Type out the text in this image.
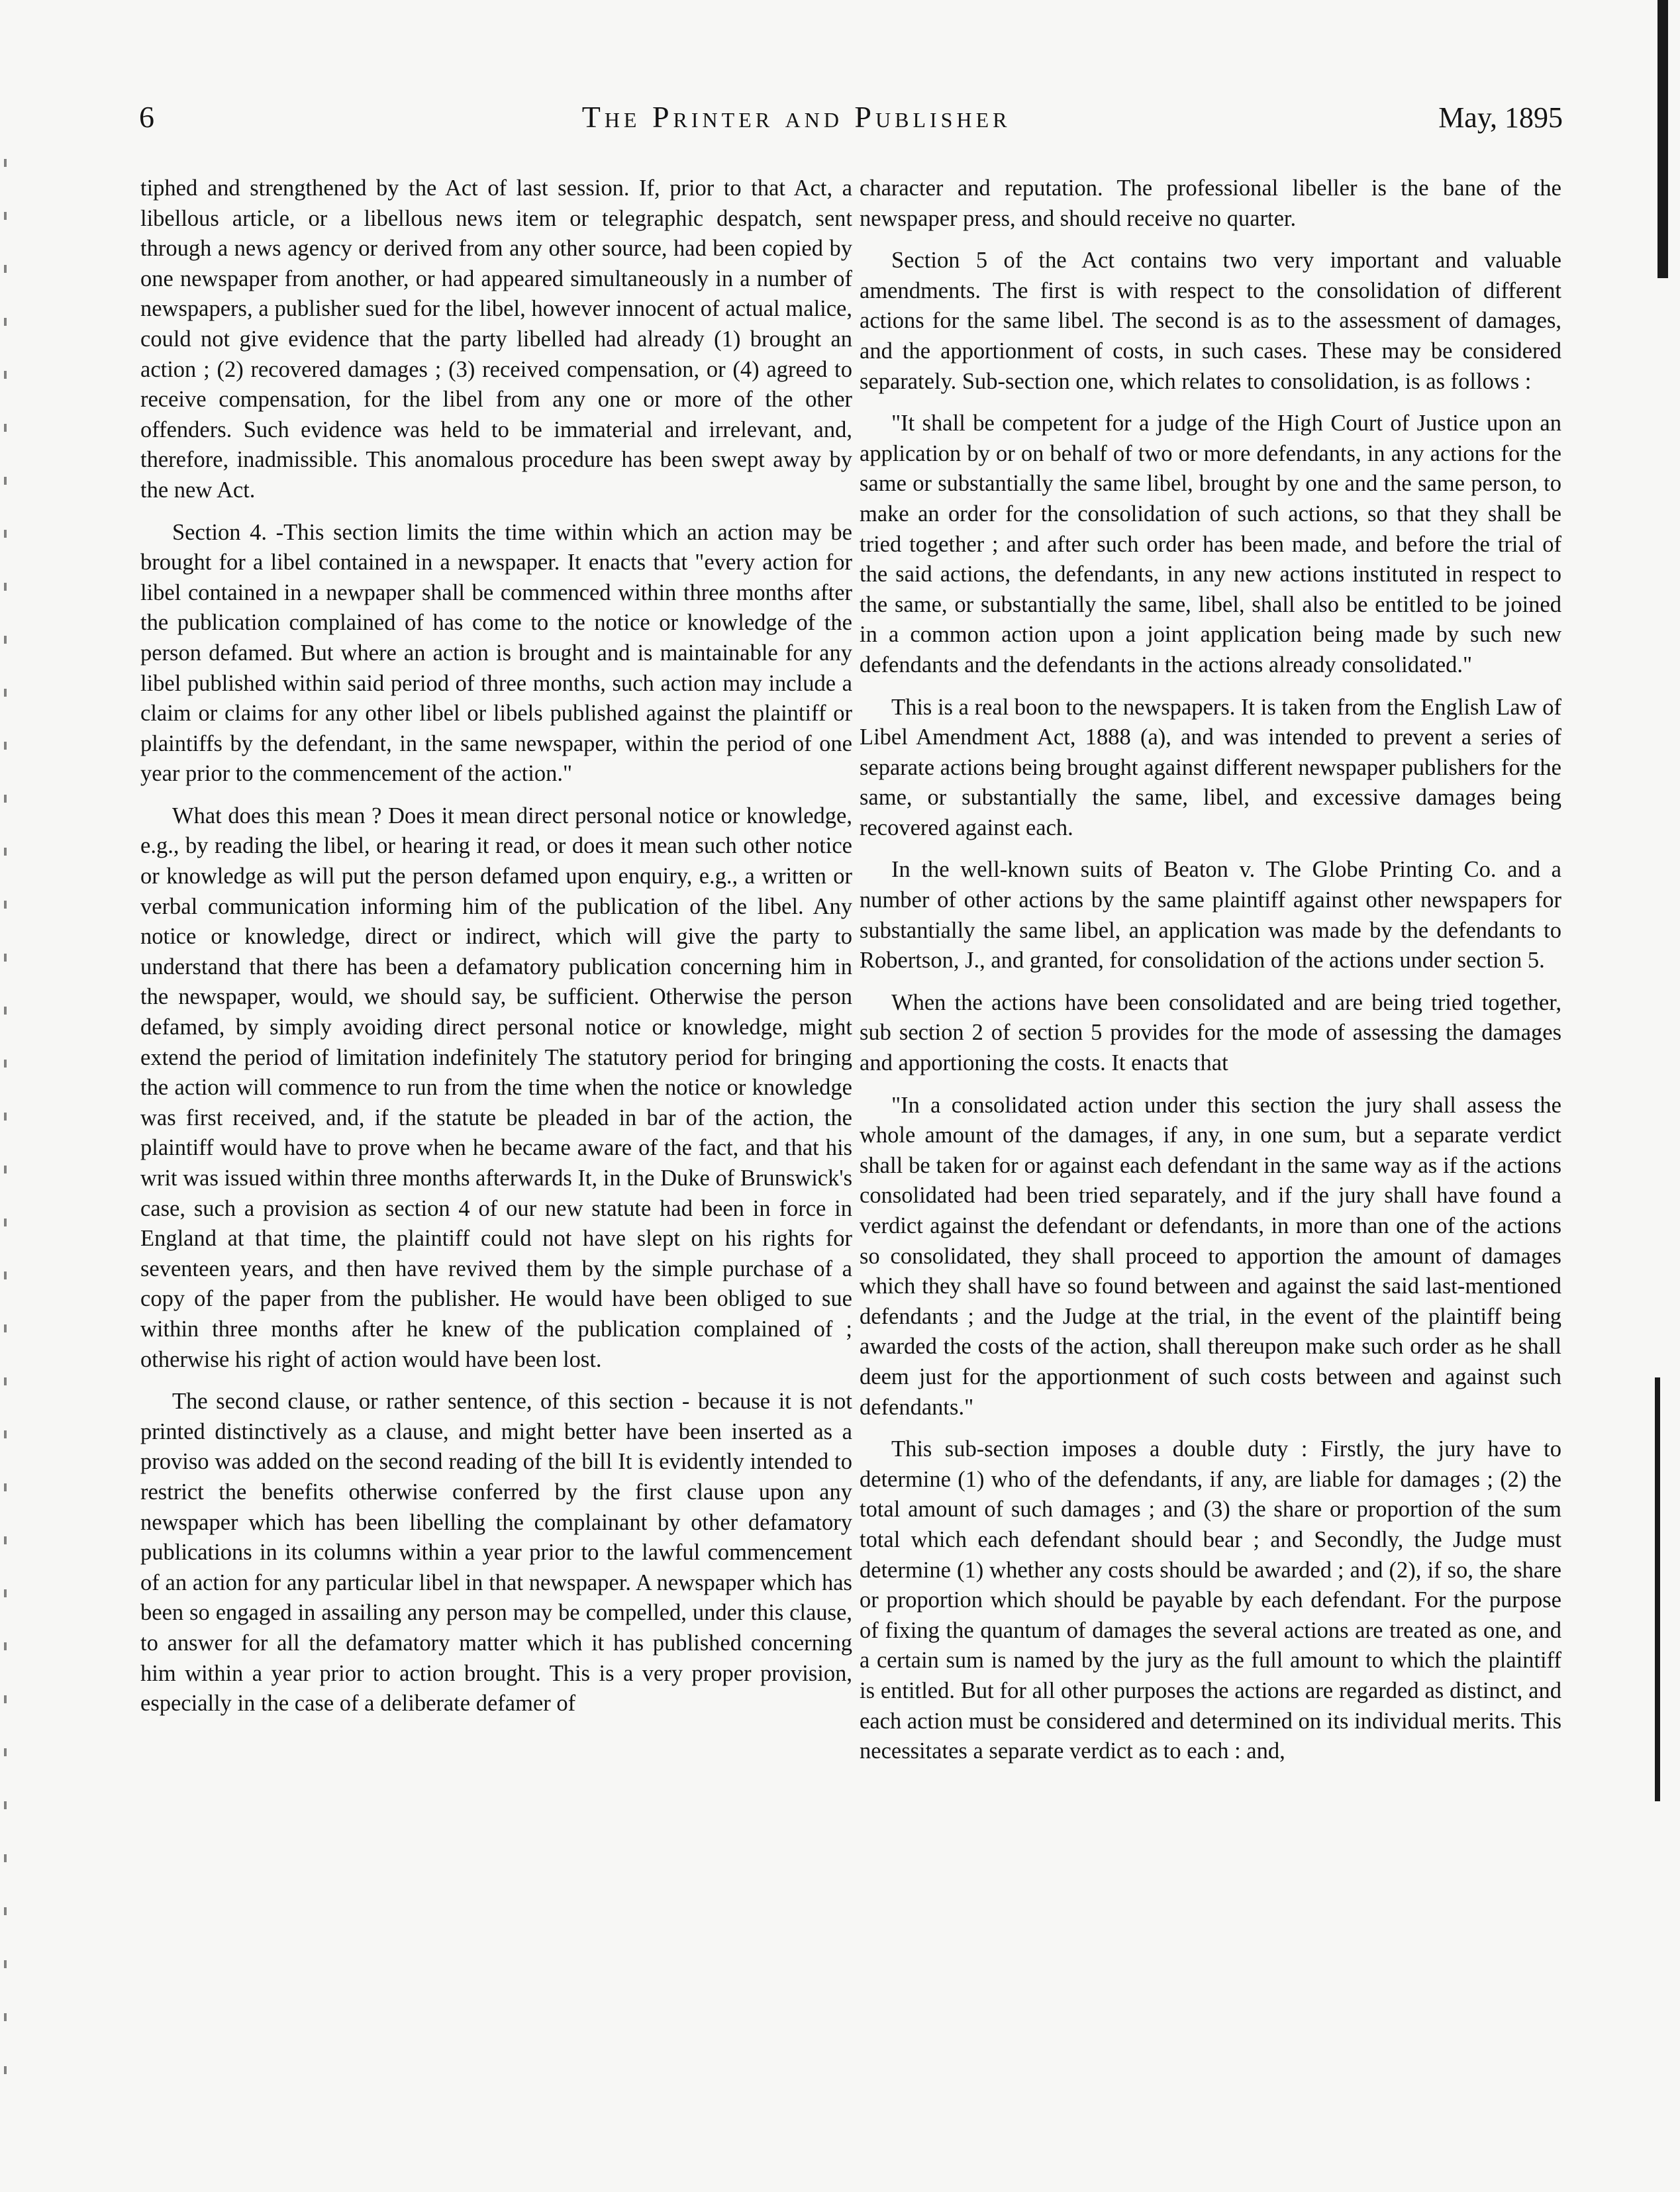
6	The Printer and Publisher	May, 1895

tiphed and strengthened by the Act of last session. If, prior to that Act, a libellous article, or a libellous news item or telegraphic despatch, sent through a news agency or derived from any other source, had been copied by one newspaper from another, or had appeared simultaneously in a number of newspapers, a publisher sued for the libel, however innocent of actual malice, could not give evidence that the party libelled had already (1) brought an action ; (2) recovered damages ; (3) received compensation, or (4) agreed to receive compensation, for the libel from any one or more of the other offenders. Such evidence was held to be immaterial and irrelevant, and, therefore, inadmissible. This anomalous procedure has been swept away by the new Act.

Section 4. -This section limits the time within which an action may be brought for a libel contained in a newspaper. It enacts that "every action for libel contained in a newpaper shall be commenced within three months after the publication complained of has come to the notice or knowledge of the person defamed. But where an action is brought and is maintainable for any libel published within said period of three months, such action may include a claim or claims for any other libel or libels published against the plaintiff or plaintiffs by the defendant, in the same newspaper, within the period of one year prior to the commencement of the action."

What does this mean ? Does it mean direct personal notice or knowledge, e.g., by reading the libel, or hearing it read, or does it mean such other notice or knowledge as will put the person defamed upon enquiry, e.g., a written or verbal communication informing him of the publication of the libel. Any notice or knowledge, direct or indirect, which will give the party to understand that there has been a defamatory publication concerning him in the newspaper, would, we should say, be sufficient. Otherwise the person defamed, by simply avoiding direct personal notice or knowledge, might extend the period of limitation indefinitely The statutory period for bringing the action will commence to run from the time when the notice or knowledge was first received, and, if the statute be pleaded in bar of the action, the plaintiff would have to prove when he became aware of the fact, and that his writ was issued within three months afterwards It, in the Duke of Brunswick's case, such a provision as section 4 of our new statute had been in force in England at that time, the plaintiff could not have slept on his rights for seventeen years, and then have revived them by the simple purchase of a copy of the paper from the publisher. He would have been obliged to sue within three months after he knew of the publication complained of ; otherwise his right of action would have been lost.

The second clause, or rather sentence, of this section - because it is not printed distinctively as a clause, and might better have been inserted as a proviso was added on the second reading of the bill It is evidently intended to restrict the benefits otherwise conferred by the first clause upon any newspaper which has been libelling the complainant by other defamatory publications in its columns within a year prior to the lawful commencement of an action for any particular libel in that newspaper. A newspaper which has been so engaged in assailing any person may be compelled, under this clause, to answer for all the defamatory matter which it has published concerning him within a year prior to action brought. This is a very proper provision, especially in the case of a deliberate defamer of

character and reputation. The professional libeller is the bane of the newspaper press, and should receive no quarter.

Section 5 of the Act contains two very important and valuable amendments. The first is with respect to the consolidation of different actions for the same libel. The second is as to the assessment of damages, and the apportionment of costs, in such cases. These may be considered separately. Sub-section one, which relates to consolidation, is as follows :

"It shall be competent for a judge of the High Court of Justice upon an application by or on behalf of two or more defendants, in any actions for the same or substantially the same libel, brought by one and the same person, to make an order for the consolidation of such actions, so that they shall be tried together ; and after such order has been made, and before the trial of the said actions, the defendants, in any new actions instituted in respect to the same, or substantially the same, libel, shall also be entitled to be joined in a common action upon a joint application being made by such new defendants and the defendants in the actions already consolidated."

This is a real boon to the newspapers. It is taken from the English Law of Libel Amendment Act, 1888 (a), and was intended to prevent a series of separate actions being brought against different newspaper publishers for the same, or substantially the same, libel, and excessive damages being recovered against each.

In the well-known suits of Beaton v. The Globe Printing Co. and a number of other actions by the same plaintiff against other newspapers for substantially the same libel, an application was made by the defendants to Robertson, J., and granted, for consolidation of the actions under section 5.

When the actions have been consolidated and are being tried together, sub section 2 of section 5 provides for the mode of assessing the damages and apportioning the costs. It enacts that

"In a consolidated action under this section the jury shall assess the whole amount of the damages, if any, in one sum, but a separate verdict shall be taken for or against each defendant in the same way as if the actions consolidated had been tried separately, and if the jury shall have found a verdict against the defendant or defendants, in more than one of the actions so consolidated, they shall proceed to apportion the amount of damages which they shall have so found between and against the said last-mentioned defendants ; and the Judge at the trial, in the event of the plaintiff being awarded the costs of the action, shall thereupon make such order as he shall deem just for the apportionment of such costs between and against such defendants."

This sub-section imposes a double duty : Firstly, the jury have to determine (1) who of the defendants, if any, are liable for damages ; (2) the total amount of such damages ; and (3) the share or proportion of the sum total which each defendant should bear ; and Secondly, the Judge must determine (1) whether any costs should be awarded ; and (2), if so, the share or proportion which should be payable by each defendant. For the purpose of fixing the quantum of damages the several actions are treated as one, and a certain sum is named by the jury as the full amount to which the plaintiff is entitled. But for all other purposes the actions are regarded as distinct, and each action must be considered and determined on its individual merits. This necessitates a separate verdict as to each : and,
